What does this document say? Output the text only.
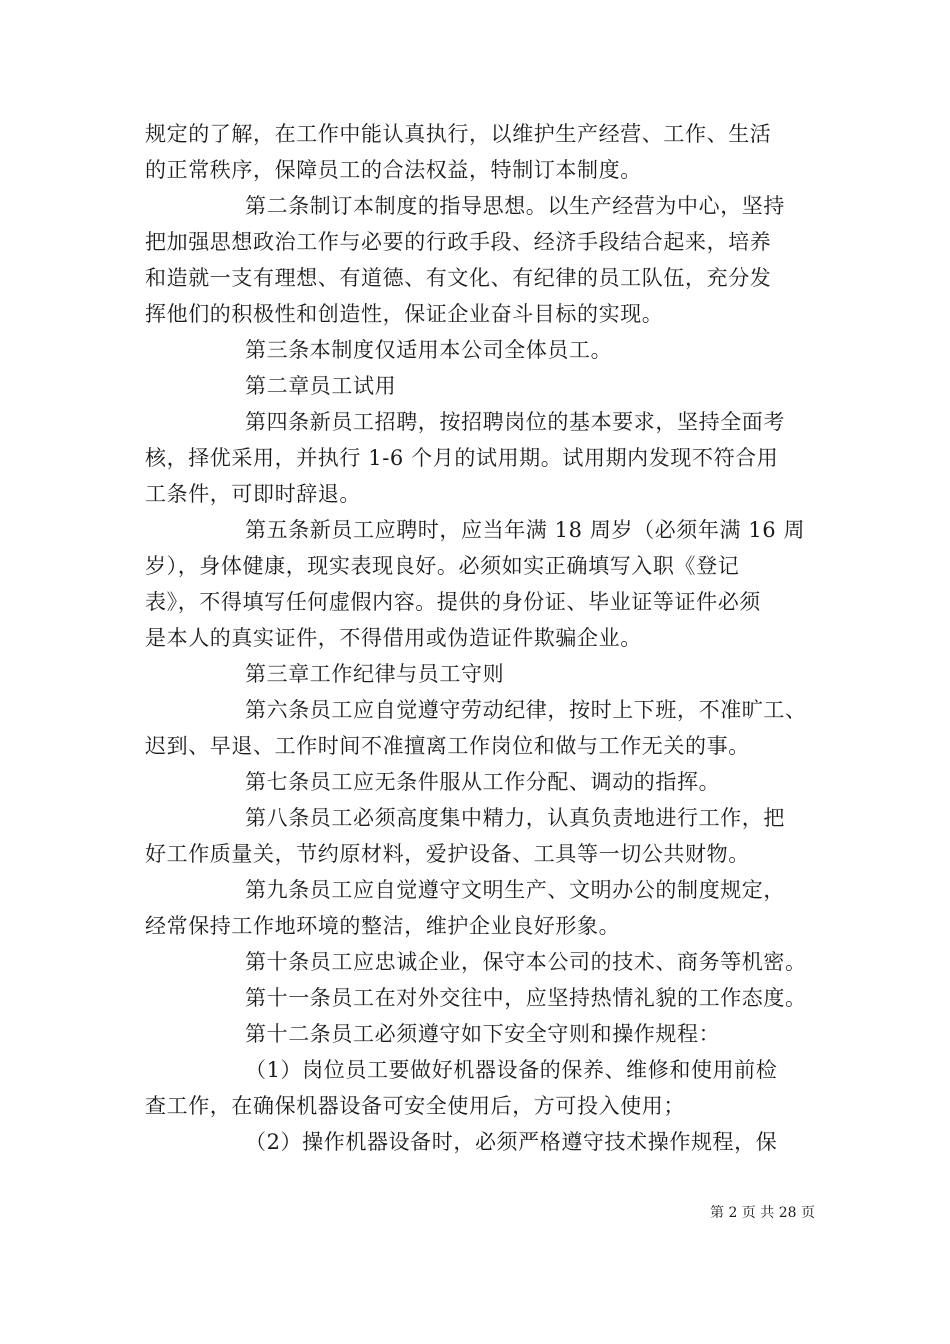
规定的了解，在工作中能认真执行，以维护生产经营、工作、生活
的正常秩序，保障员工的合法权益，特制订本制度。
第二条制订本制度的指导思想。以生产经营为中心，坚持
把加强思想政治工作与必要的行政手段、经济手段结合起来，培养
和造就一支有理想、有道德、有文化、有纪律的员工队伍，充分发
挥他们的积极性和创造性，保证企业奋斗目标的实现。
第三条本制度仅适用本公司全体员工。
第二章员工试用
第四条新员工招聘，按招聘岗位的基本要求，坚持全面考
核，择优采用，并执行 1-6 个月的试用期。试用期内发现不符合用
工条件，可即时辞退。
第五条新员工应聘时，应当年满 18 周岁（必须年满 16 周
岁），身体健康，现实表现良好。必须如实正确填写入职《登记
表》，不得填写任何虚假内容。提供的身份证、毕业证等证件必须
是本人的真实证件，不得借用或伪造证件欺骗企业。
第三章工作纪律与员工守则
第六条员工应自觉遵守劳动纪律，按时上下班，不准旷工、
迟到、早退、工作时间不准擅离工作岗位和做与工作无关的事。
第七条员工应无条件服从工作分配、调动的指挥。
第八条员工必须高度集中精力，认真负责地进行工作，把
好工作质量关，节约原材料，爱护设备、工具等一切公共财物。
第九条员工应自觉遵守文明生产、文明办公的制度规定，
经常保持工作地环境的整洁，维护企业良好形象。
第十条员工应忠诚企业，保守本公司的技术、商务等机密。
第十一条员工在对外交往中，应坚持热情礼貌的工作态度。
第十二条员工必须遵守如下安全守则和操作规程：
（1）岗位员工要做好机器设备的保养、维修和使用前检
查工作，在确保机器设备可安全使用后，方可投入使用；
（2）操作机器设备时，必须严格遵守技术操作规程，保
第 2 页 共 28 页
